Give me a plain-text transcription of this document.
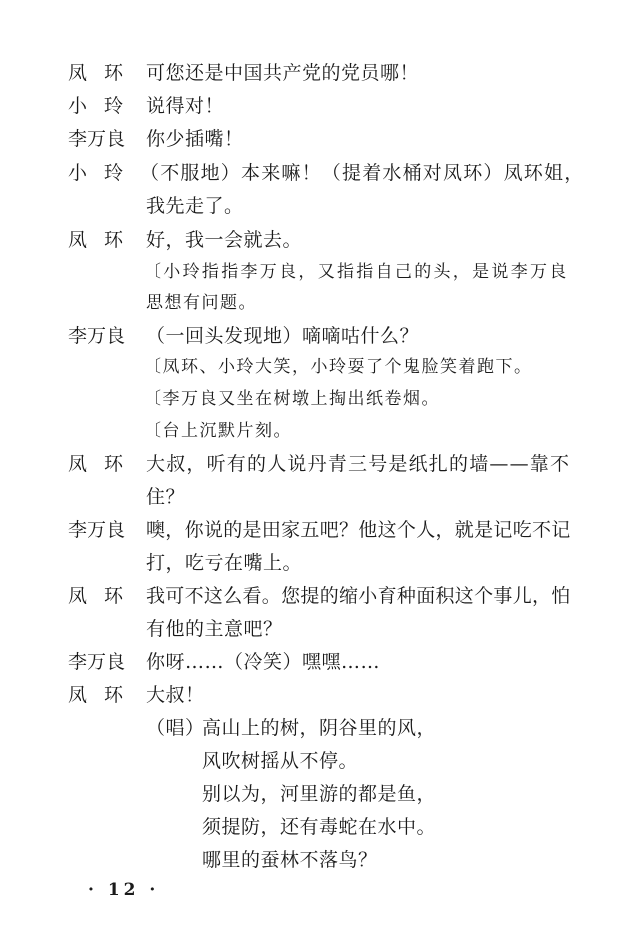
凤环 可您还是中国共产党的党员哪！
小玲 说得对！
李万良 你少插嘴！
小玲 （不服地）本来嘛！（提着水桶对凤环）凤环姐，
我先走了。
凤环 好，我一会就去。
〔小玲指指李万良，又指指自己的头，是说李万良
思想有问题。
李万良 （一回头发现地）嘀嘀咕什么？
〔凤环、小玲大笑，小玲耍了个鬼脸笑着跑下。
〔李万良又坐在树墩上掏出纸卷烟。
〔台上沉默片刻。
凤环 大叔，听有的人说丹青三号是纸扎的墙——靠不
住？
李万良 噢，你说的是田家五吧？他这个人，就是记吃不记
打，吃亏在嘴上。
凤环 我可不这么看。您提的缩小育种面积这个事儿，怕
有他的主意吧？
李万良 你呀……（冷笑）嘿嘿……
凤环 大叔！
（唱）
高山上的树，阴谷里的风，
风吹树摇从不停。
别以为，河里游的都是鱼，
须提防，还有毒蛇在水中。
哪里的蚕林不落鸟？
· 12 ·
